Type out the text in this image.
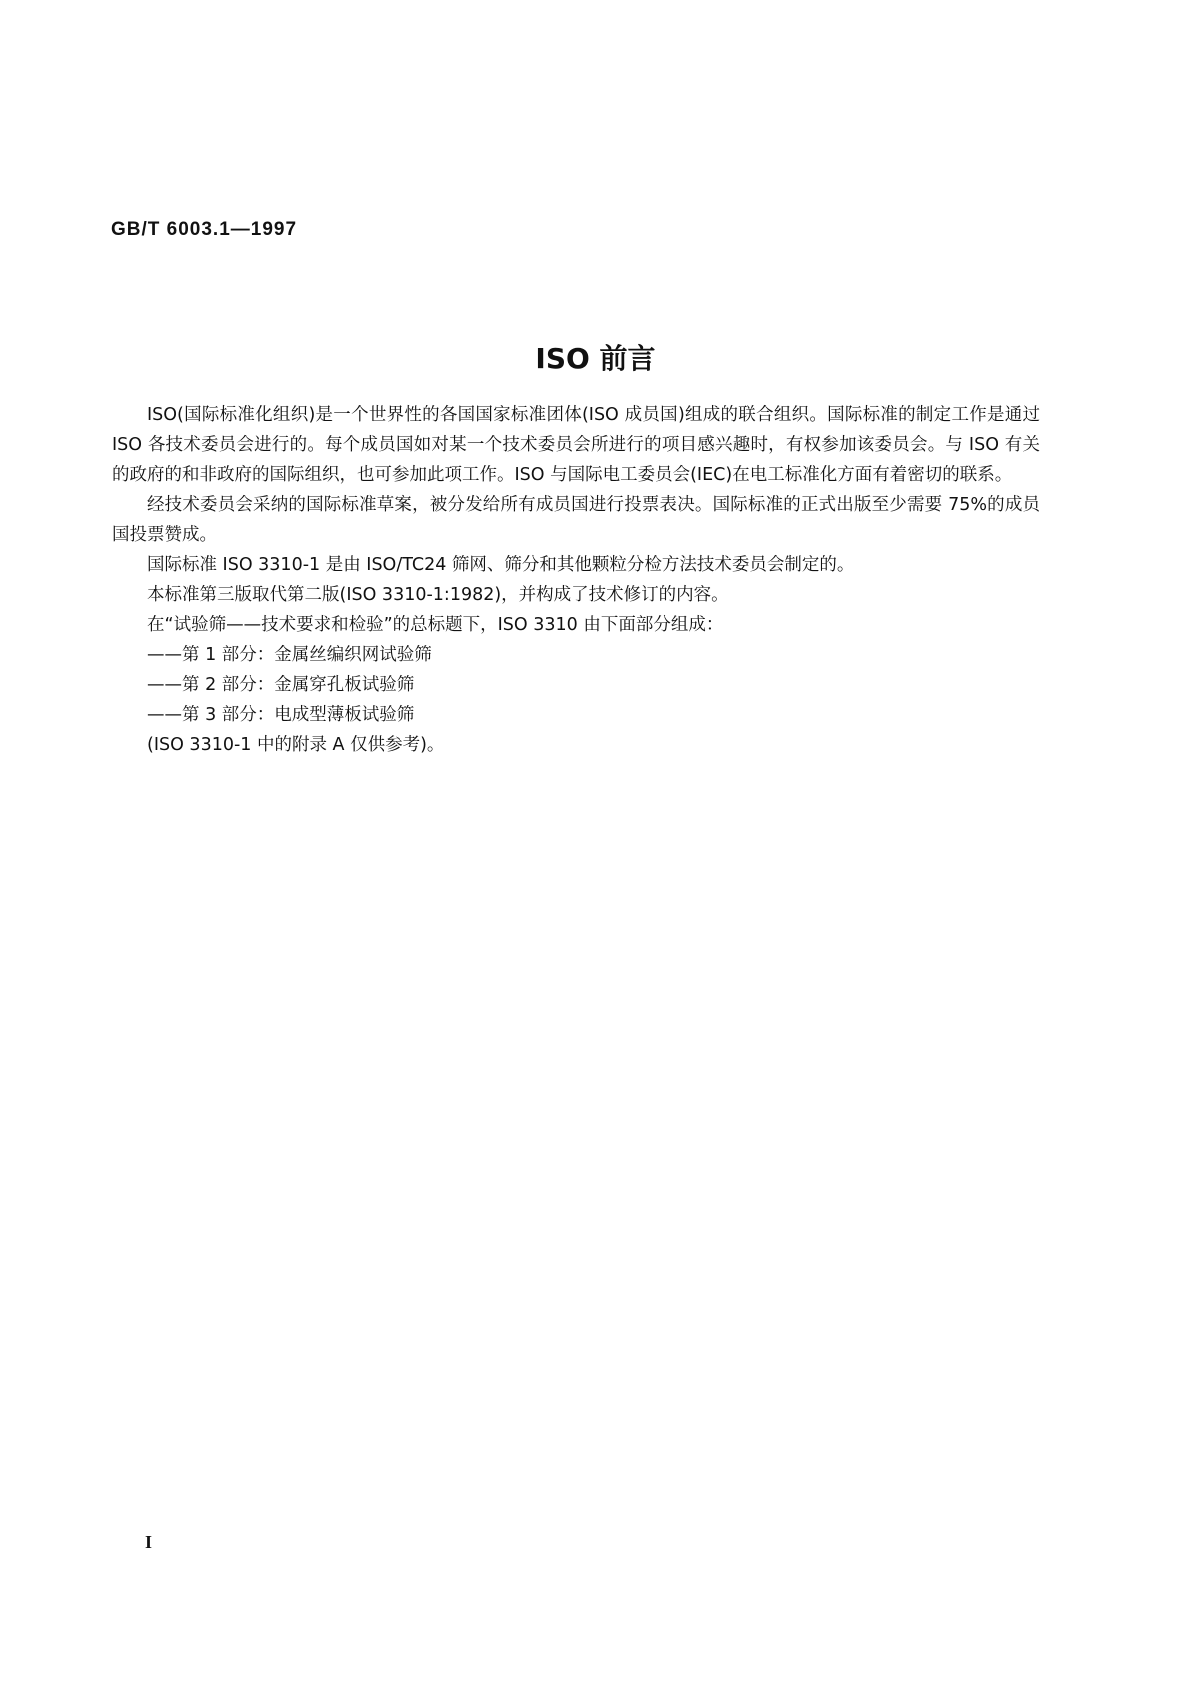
GB/T 6003.1—1997
ISO 前言

ISO(国际标准化组织)是一个世界性的各国国家标准团体(ISO 成员国)组成的联合组织。国际标准的制定工作是通过 ISO 各技术委员会进行的。每个成员国如对某一个技术委员会所进行的项目感兴趣时，有权参加该委员会。与 ISO 有关的政府的和非政府的国际组织，也可参加此项工作。ISO 与国际电工委员会(IEC)在电工标准化方面有着密切的联系。

经技术委员会采纳的国际标准草案，被分发给所有成员国进行投票表决。国际标准的正式出版至少需要 75%的成员国投票赞成。

国际标准 ISO 3310-1 是由 ISO/TC24 筛网、筛分和其他颗粒分检方法技术委员会制定的。

本标准第三版取代第二版(ISO 3310-1:1982)，并构成了技术修订的内容。

在“试验筛——技术要求和检验”的总标题下，ISO 3310 由下面部分组成：

——第 1 部分：金属丝编织网试验筛

——第 2 部分：金属穿孔板试验筛

——第 3 部分：电成型薄板试验筛

(ISO 3310-1 中的附录 A 仅供参考)。

I
